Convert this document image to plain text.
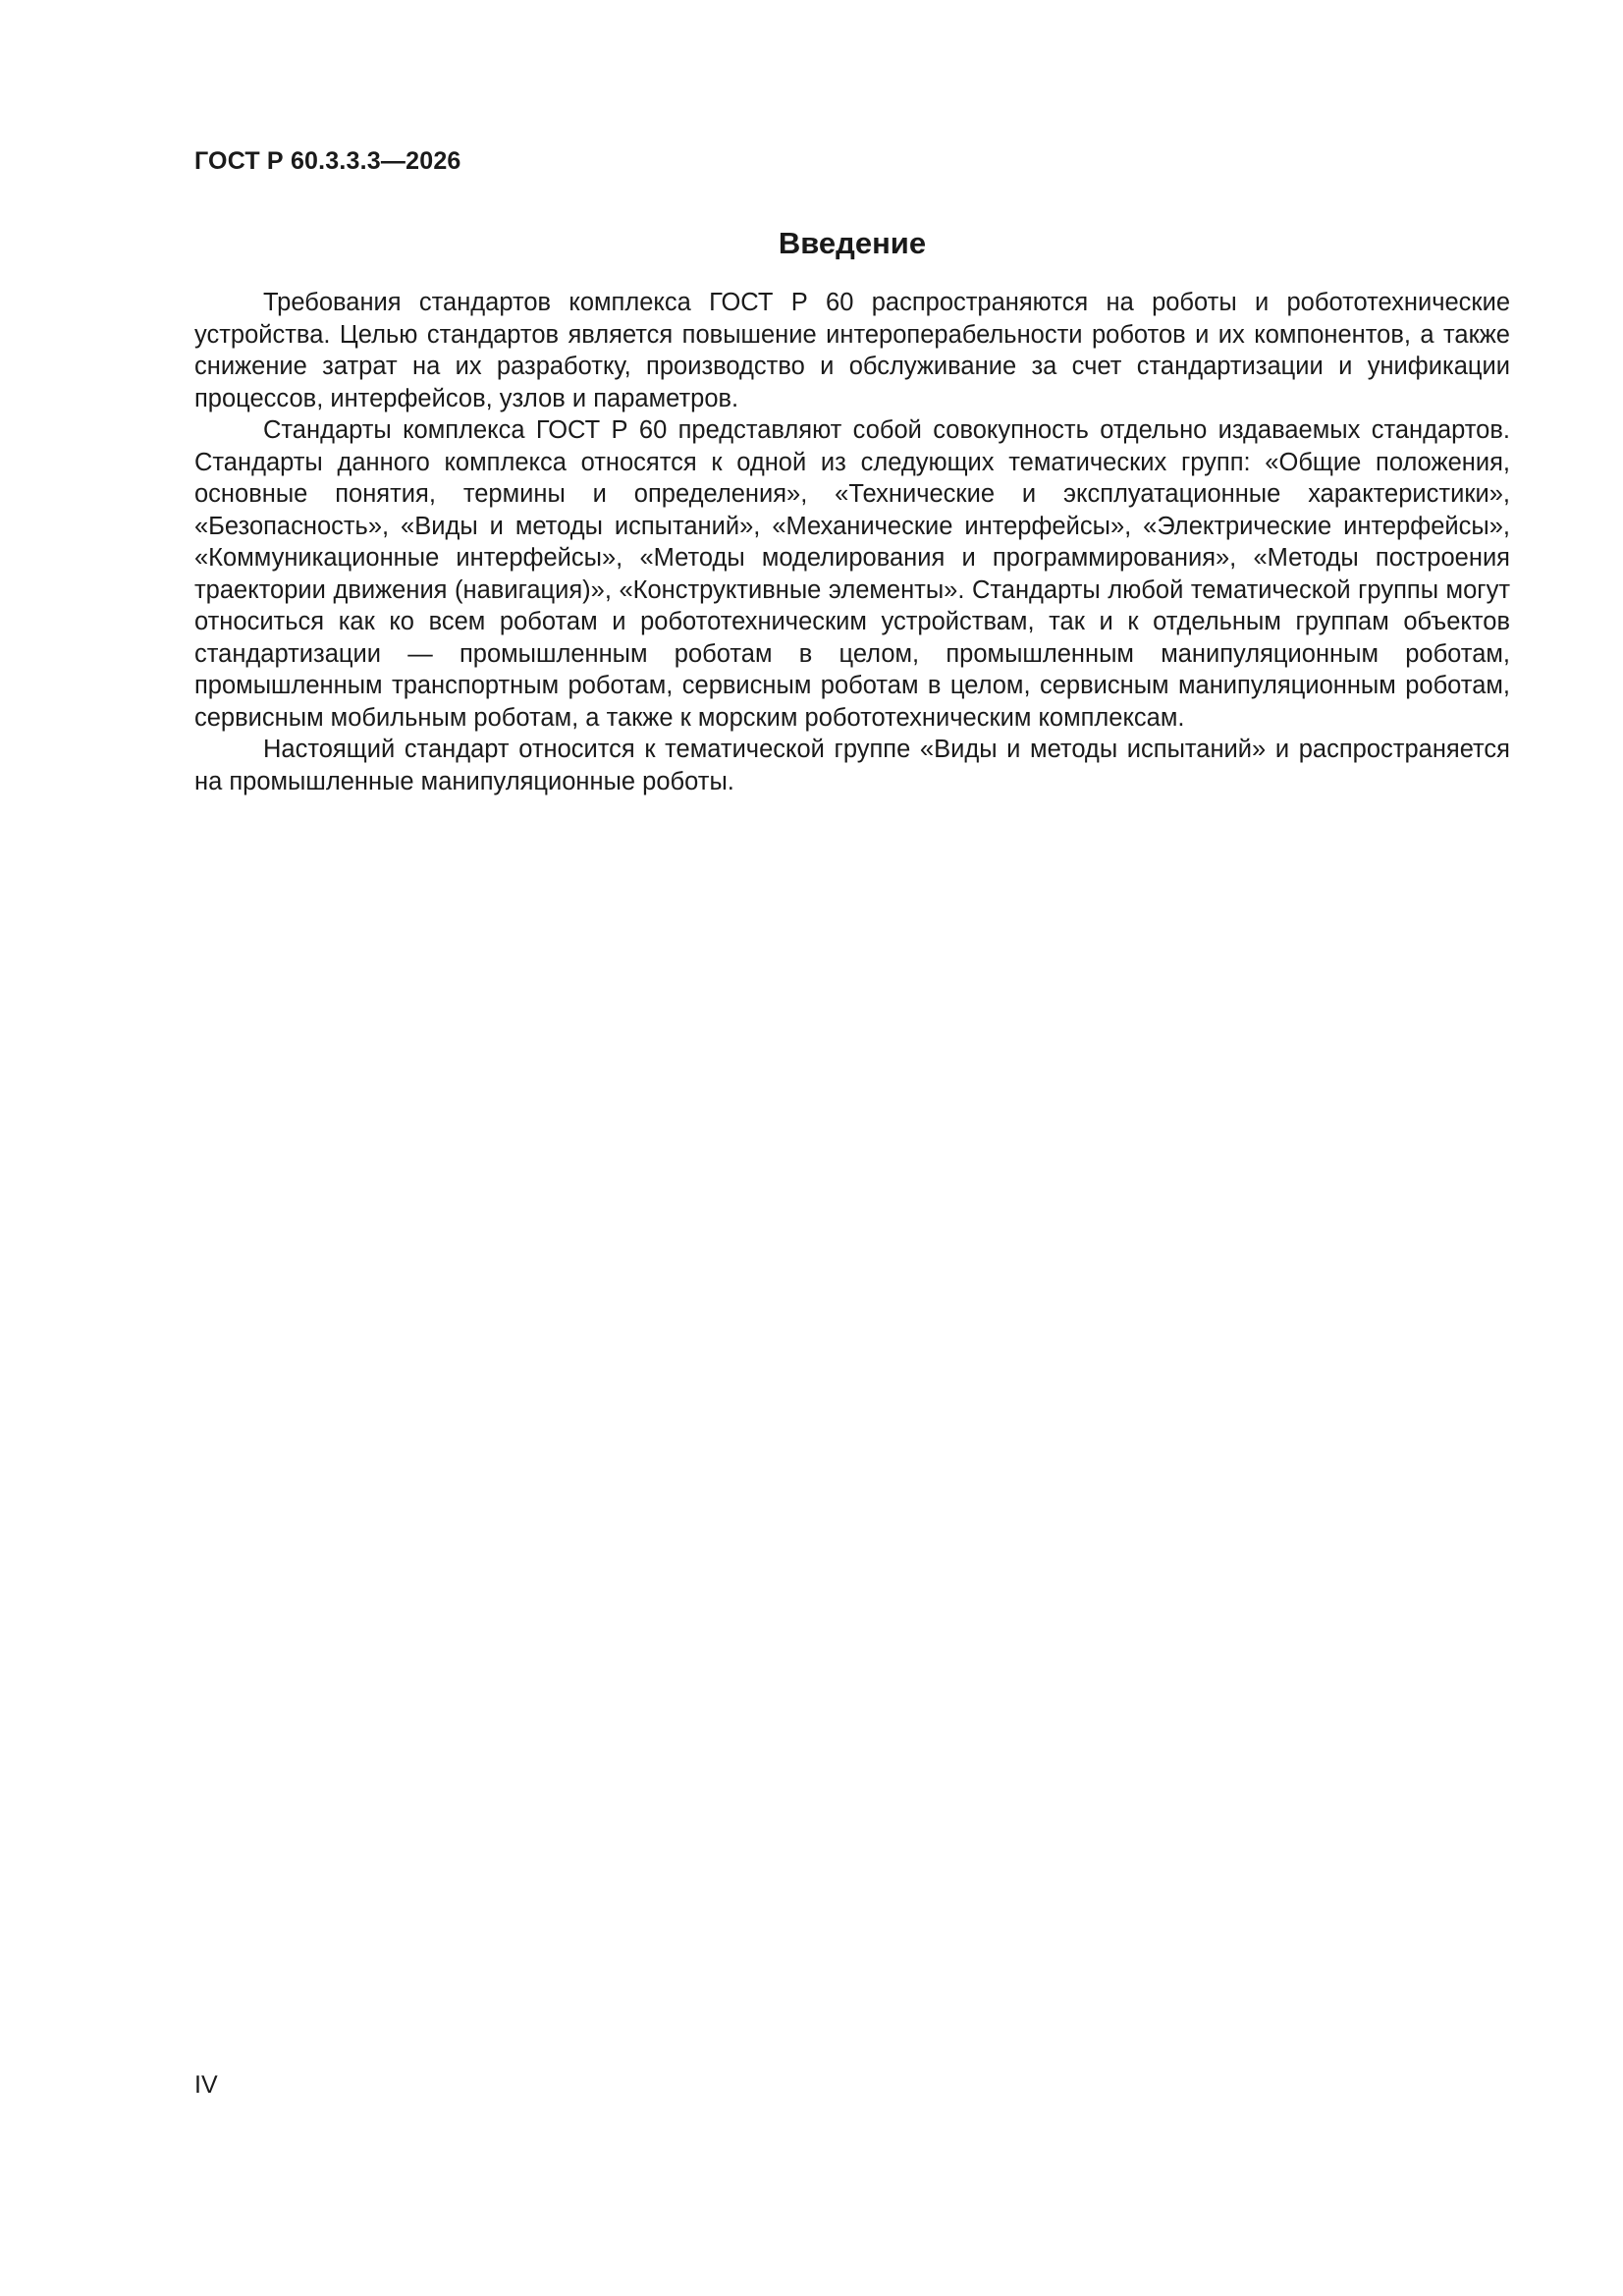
ГОСТ Р 60.3.3.3—2026
Введение

Требования стандартов комплекса ГОСТ Р 60 распространяются на роботы и робототехнические устройства. Целью стандартов является повышение интероперабельности роботов и их компонентов, а также снижение затрат на их разработку, производство и обслуживание за счет стандартизации и унификации процессов, интерфейсов, узлов и параметров.

Стандарты комплекса ГОСТ Р 60 представляют собой совокупность отдельно издаваемых стандартов. Стандарты данного комплекса относятся к одной из следующих тематических групп: «Общие положения, основные понятия, термины и определения», «Технические и эксплуатационные характеристики», «Безопасность», «Виды и методы испытаний», «Механические интерфейсы», «Электрические интерфейсы», «Коммуникационные интерфейсы», «Методы моделирования и программирования», «Методы построения траектории движения (навигация)», «Конструктивные элементы». Стандарты любой тематической группы могут относиться как ко всем роботам и робототехническим устройствам, так и к отдельным группам объектов стандартизации — промышленным роботам в целом, промышленным манипуляционным роботам, промышленным транспортным роботам, сервисным роботам в целом, сервисным манипуляционным роботам, сервисным мобильным роботам, а также к морским робототехническим комплексам.

Настоящий стандарт относится к тематической группе «Виды и методы испытаний» и распространяется на промышленные манипуляционные роботы.

IV
